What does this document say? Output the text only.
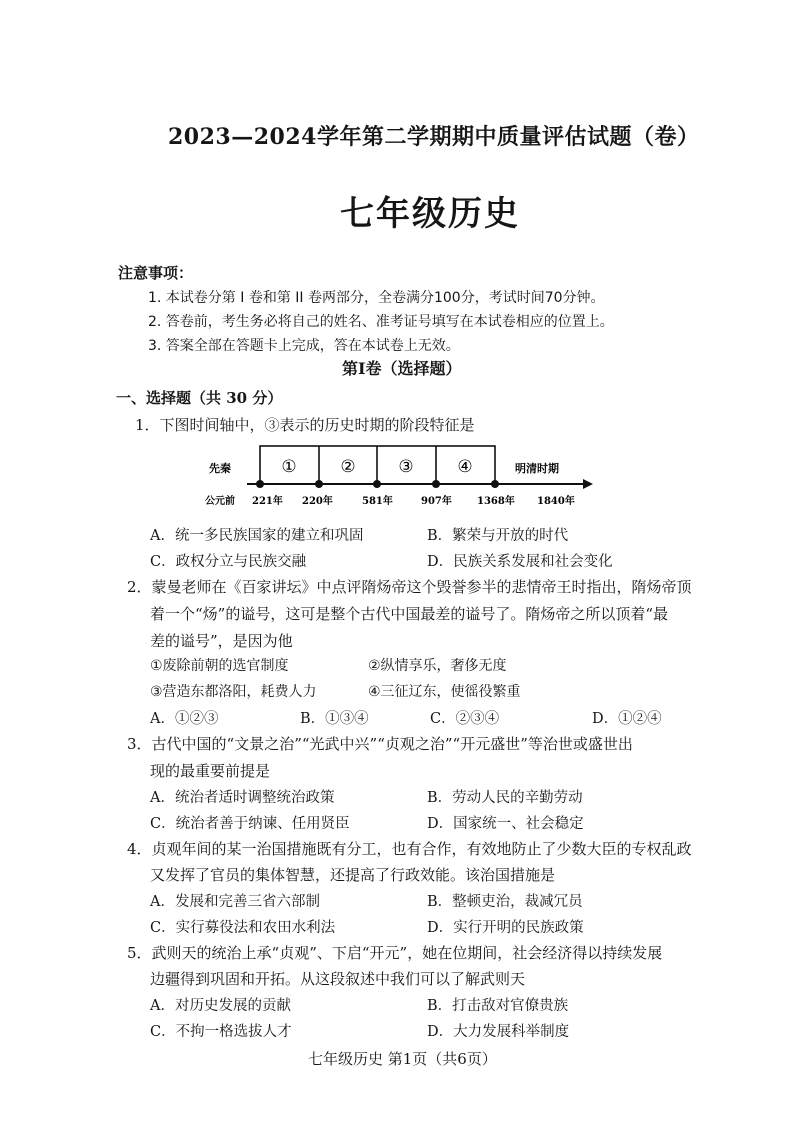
2023—2024学年第二学期期中质量评估试题（卷）
七年级历史
注意事项：
1. 本试卷分第 I 卷和第 II 卷两部分，全卷满分100分，考试时间70分钟。
2. 答卷前，考生务必将自己的姓名、准考证号填写在本试卷相应的位置上。
3. 答案全部在答题卡上完成，答在本试卷上无效。
第Ⅰ卷（选择题）
一、选择题（共 30 分）
1．下图时间轴中，③表示的历史时期的阶段特征是
先秦	明清时期
①	②	③	④
公元前 221年 220年	581年	907年	1368年 1840年
A．统一多民族国家的建立和巩固	B．繁荣与开放的时代
C．政权分立与民族交融	D．民族关系发展和社会变化
2．蒙曼老师在《百家讲坛》中点评隋炀帝这个毁誉参半的悲情帝王时指出，隋炀帝顶
着一个“炀”的谥号，这可是整个古代中国最差的谥号了。隋炀帝之所以顶着“最
差的谥号”，是因为他
①废除前朝的选官制度	②纵情享乐，奢侈无度
③营造东都洛阳，耗费人力	④三征辽东，使徭役繁重
A．①②③	B．①③④	C．②③④	D．①②④
3．古代中国的“文景之治”“光武中兴”“贞观之治”“开元盛世”等治世或盛世出
现的最重要前提是
A．统治者适时调整统治政策	B．劳动人民的辛勤劳动
C．统治者善于纳谏、任用贤臣	D．国家统一、社会稳定
4．贞观年间的某一治国措施既有分工，也有合作，有效地防止了少数大臣的专权乱政
又发挥了官员的集体智慧，还提高了行政效能。该治国措施是
A．发展和完善三省六部制	B．整顿吏治，裁减冗员
C．实行募役法和农田水利法	D．实行开明的民族政策
5．武则天的统治上承“贞观”、下启“开元”，她在位期间，社会经济得以持续发展
边疆得到巩固和开拓。从这段叙述中我们可以了解武则天
A．对历史发展的贡献	B．打击敌对官僚贵族
C．不拘一格选拔人才	D．大力发展科举制度
七年级历史 第1页（共6页）
